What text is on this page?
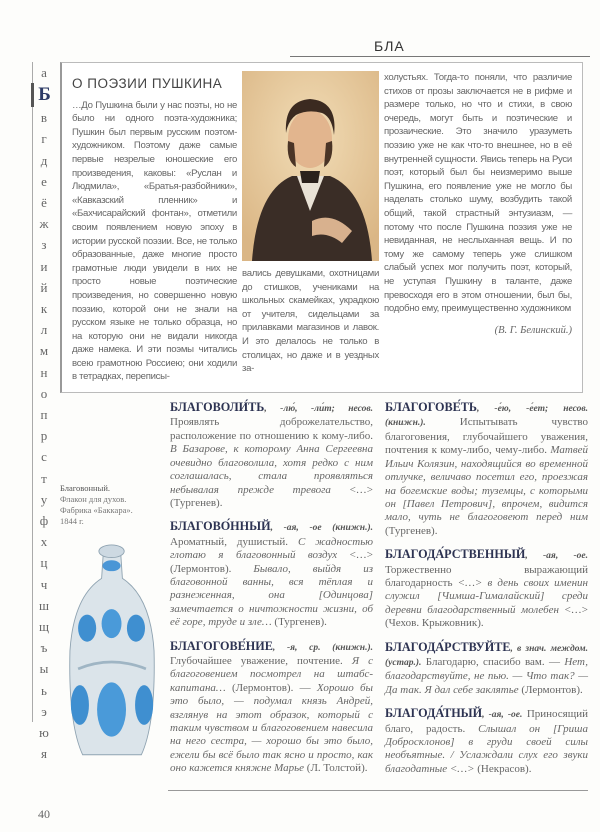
БЛА
а
Б
в
г
д
е
ё
ж
з
и
й
к
л
м
н
о
п
р
с
т
у
ф
х
ц
ч
ш
щ
ъ
ы
ь
э
ю
я
О ПОЭЗИИ ПУШКИНА
…До Пушкина были у нас поэты, но не было ни одного поэта-художника; Пушкин был первым русским поэтом-художником. Поэтому даже самые первые незрелые юношеские его произведения, каковы: «Руслан и Людмила», «Братья-разбойники», «Кавказский пленник» и «Бахчисарайский фонтан», отметили своим появлением новую эпоху в истории русской поэзии. Все, не только образованные, даже многие просто грамотные люди увидели в них не просто новые поэтические произведения, но совершенно новую поэзию, которой они не знали на русском языке не только образца, но на которую они не видали никогда даже намека. И эти поэмы читались всею грамотною Россиею; они ходили в тетрадках, переписы-
вались девушками, охотницами до стишков, учениками на школьных скамейках, украдкою от учителя, сидельцами за прилавками магазинов и лавок. И это делалось не только в столицах, но даже и в уездных за-
холустьях. Тогда-то поняли, что различие стихов от прозы заключается не в рифме и размере только, но что и стихи, в свою очередь, могут быть и поэтические и прозаические. Это значило уразуметь поэзию уже не как что-то внешнее, но в её внутренней сущности. Явись теперь на Руси поэт, который был бы неизмеримо выше Пушкина, его появление уже не могло бы наделать столько шуму, возбудить такой общий, такой страстный энтузиазм, — потому что после Пушкина поэзия уже не невиданная, не неслыханная вещь. И по тому же самому теперь уже слишком слабый успех мог получить поэт, который, не уступая Пушкину в таланте, даже превосходя его в этом отношении, был бы, подобно ему, преимущественно художником
(В. Г. Белинский.)
Благовонный.
Флакон для духов.
Фабрика «Баккара».
1844 г.
БЛАГОВОЛИ́ТЬ, -лю́, -ли́т; несов. Проявлять доброжелательство, расположение по отношению к кому-либо. В Базарове, к которому Анна Сергеевна очевидно благоволила, хотя редко с ним соглашалась, стала проявляться небывалая прежде тревога <…> (Тургенев).
БЛАГОВО́ННЫЙ, -ая, -ое (книжн.). Ароматный, душистый. С жадностью глотаю я благовонный воздух <…> (Лермонтов). Бывало, выйдя из благовонной ванны, вся тёплая и разнеженная, она [Одинцова] замечтается о ничтожности жизни, об её горе, труде и зле… (Тургенев).
БЛАГОГОВЕ́НИЕ, -я, ср. (книжн.). Глубочайшее уважение, почтение. Я с благоговением посмотрел на штабс-капитана… (Лермонтов). — Хорошо бы это было, — подумал князь Андрей, взглянув на этот образок, который с таким чувством и благоговением навесила на него сестра, — хорошо бы это было, ежели бы всё было так ясно и просто, как оно кажется княжне Марье (Л. Толстой).
БЛАГОГОВЕ́ТЬ, -е́ю, -е́ет; несов. (книжн.). Испытывать чувство благоговения, глубочайшего уважения, почтения к кому-либо, чему-либо. Матвей Ильич Колязин, находящийся во временной отлучке, величаво посетил его, проезжая на богемские воды; туземцы, с которыми он [Павел Петрович], впрочем, видится мало, чуть не благоговеют перед ним (Тургенев).
БЛАГОДА́РСТВЕННЫЙ, -ая, -ое. Торжественно выражающий благодарность <…> в день своих именин служил [Чимша-Гималайский] среди деревни благодарственный молебен <…> (Чехов. Крыжовник).
БЛАГОДА́РСТВУЙТЕ, в знач. междом. (устар.). Благодарю, спасибо вам. — Нет, благодарствуйте, не пью. — Что так? — Да так. Я дал себе заклятье (Лермонтов).
БЛАГОДА́ТНЫЙ, -ая, -ое. Приносящий благо, радость. Слышал он [Гриша Добросклонов] в груди своей силы необъятные. / Услаждали слух его звуки благодатные <…> (Некрасов).
40
